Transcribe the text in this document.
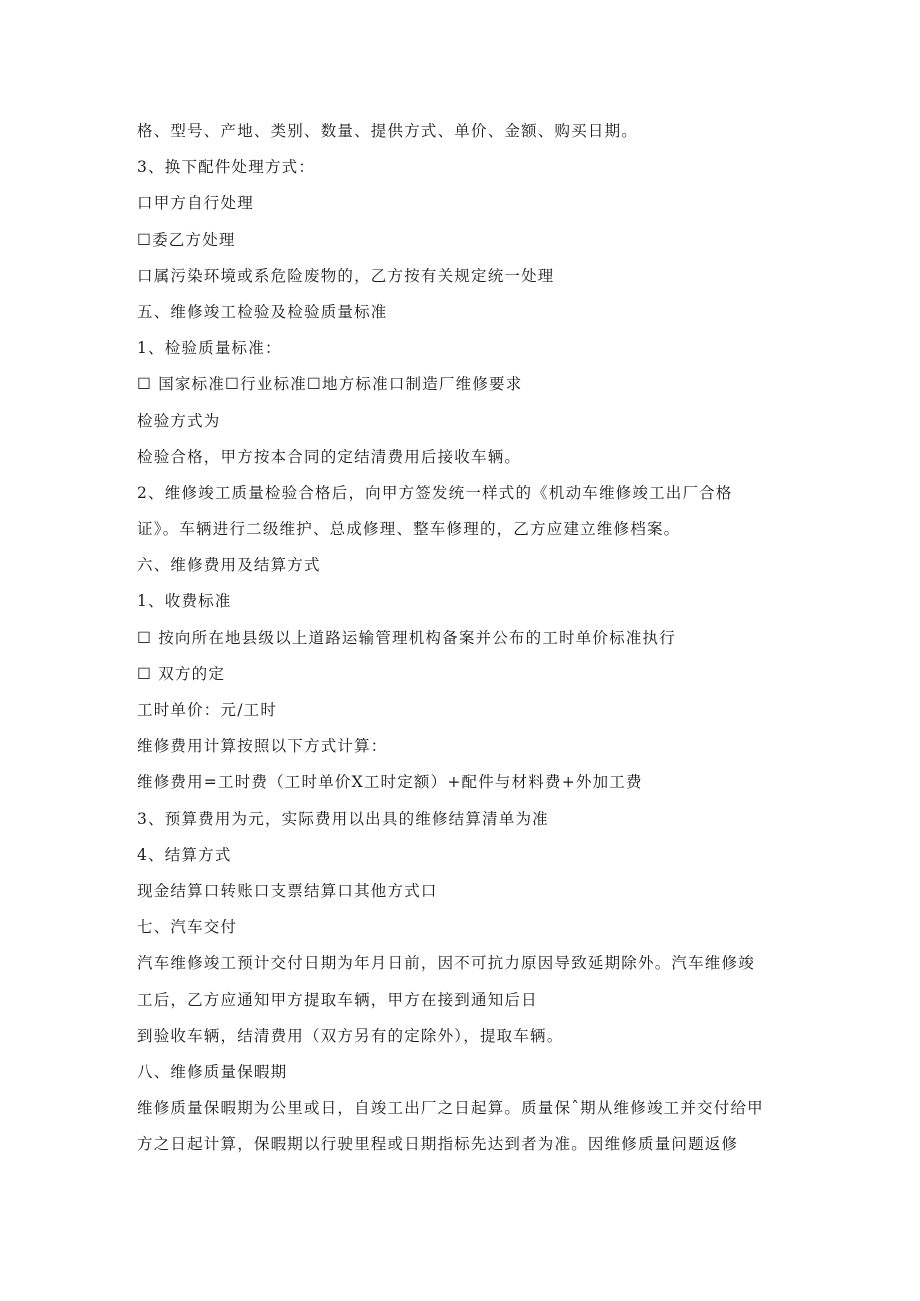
格、型号、产地、类别、数量、提供方式、单价、金额、购买日期。
3、换下配件处理方式：
口甲方自行处理
☐委乙方处理
口属污染环境或系危险废物的，乙方按有关规定统一处理
五、维修竣工检验及检验质量标准
1、检验质量标准：
☐ 国家标准☐行业标准☐地方标准口制造厂维修要求
检验方式为
检验合格，甲方按本合同的定结清费用后接收车辆。
2、维修竣工质量检验合格后，向甲方签发统一样式的《机动车维修竣工出厂合格
证》。车辆进行二级维护、总成修理、整车修理的，乙方应建立维修档案。
六、维修费用及结算方式
1、收费标准
☐ 按向所在地县级以上道路运输管理机构备案并公布的工时单价标准执行
☐ 双方的定
工时单价：元/工时
维修费用计算按照以下方式计算：
维修费用=工时费（工时单价X工时定额）+配件与材料费+外加工费
3、预算费用为元，实际费用以出具的维修结算清单为准
4、结算方式
现金结算口转账口支票结算口其他方式口
七、汽车交付
汽车维修竣工预计交付日期为年月日前，因不可抗力原因导致延期除外。汽车维修竣
工后，乙方应通知甲方提取车辆，甲方在接到通知后日
到验收车辆，结清费用（双方另有的定除外），提取车辆。
八、维修质量保暇期
维修质量保暇期为公里或日，自竣工出厂之日起算。质量保ˆ期从维修竣工并交付给甲
方之日起计算，保暇期以行驶里程或日期指标先达到者为准。因维修质量问题返修
